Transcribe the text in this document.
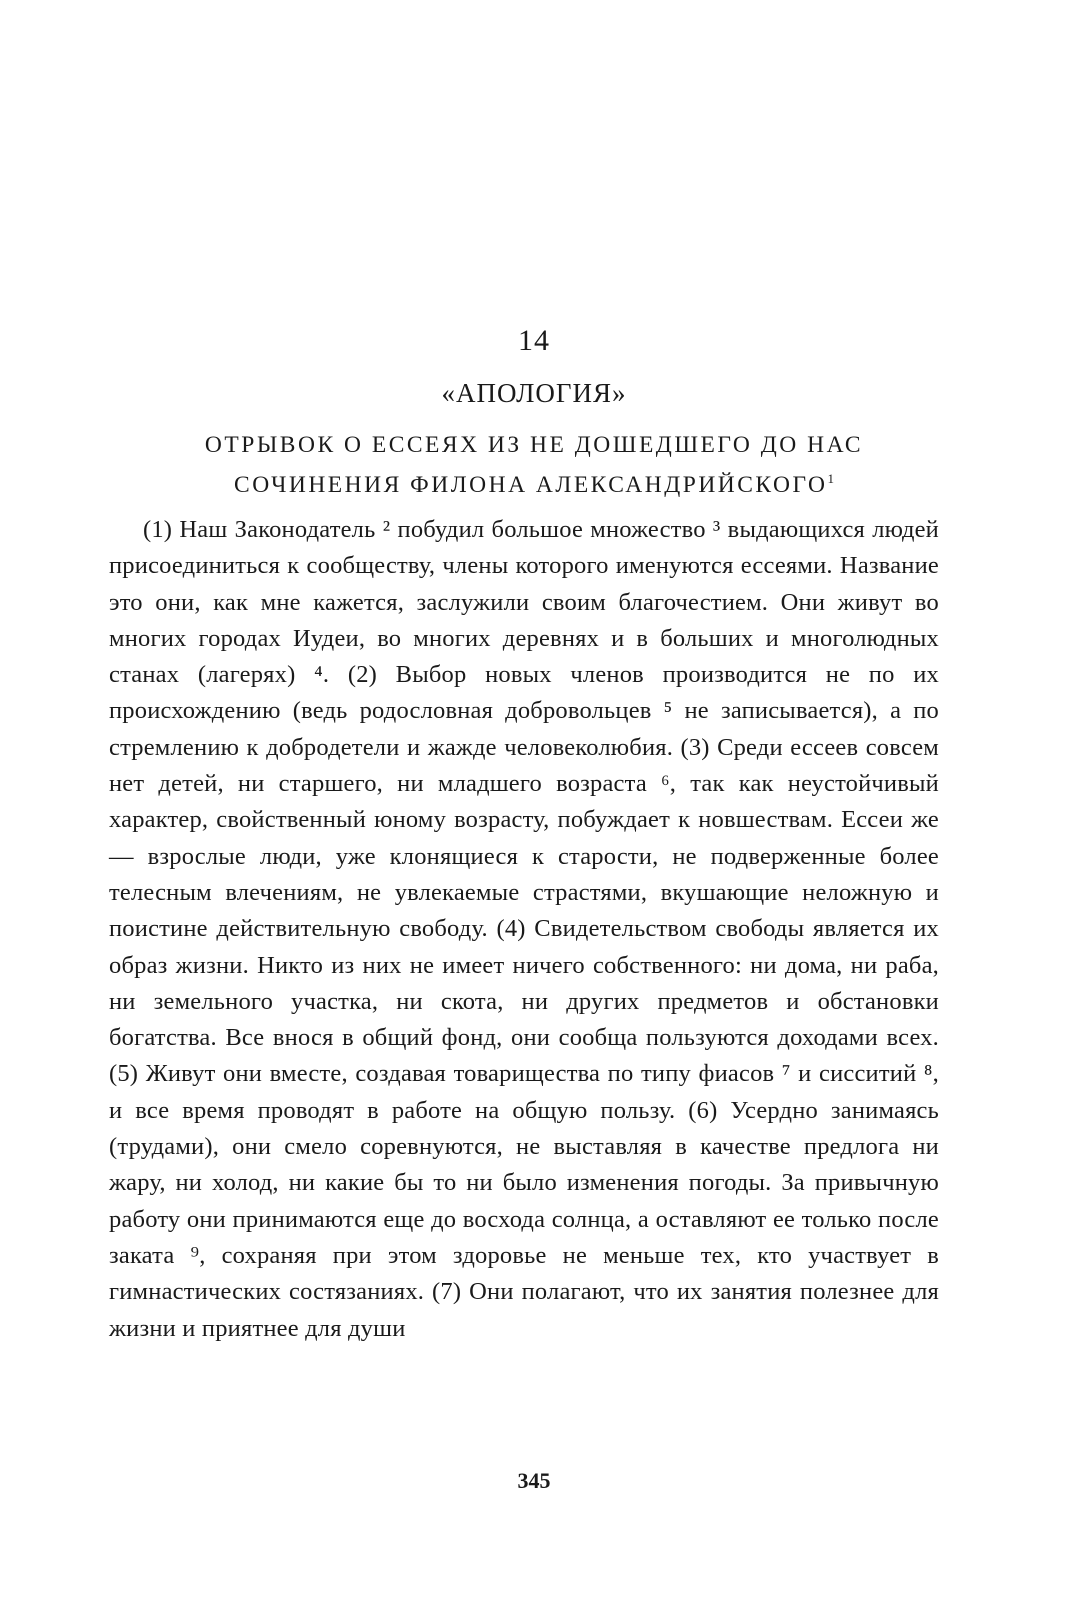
14
«АПОЛОГИЯ»
ОТРЫВОК О ЕССЕЯХ ИЗ НЕ ДОШЕДШЕГО ДО НАС
СОЧИНЕНИЯ ФИЛОНА АЛЕКСАНДРИЙСКОГО$^1$

(1) Наш Законодатель ² побудил большое множество ³ выдающихся людей присоединиться к сообществу, члены которого именуются ессеями. Название это они, как мне кажется, заслужили своим благочестием. Они живут во многих городах Иудеи, во многих деревнях и в больших и многолюдных станах (лагерях) ⁴. (2) Выбор новых членов производится не по их происхождению (ведь родословная добровольцев ⁵ не записывается), а по стремлению к добродетели и жажде человеколюбия. (3) Среди ессеев совсем нет детей, ни старшего, ни младшего возраста ⁶, так как неустойчивый характер, свойственный юному возрасту, побуждает к новшествам. Ессеи же — взрослые люди, уже клонящиеся к старости, не подверженные более телесным влечениям, не увлекаемые страстями, вкушающие неложную и поистине действительную свободу. (4) Свидетельством свободы является их образ жизни. Никто из них не имеет ничего собственного: ни дома, ни раба, ни земельного участка, ни скота, ни других предметов и обстановки богатства. Все внося в общий фонд, они сообща пользуются доходами всех. (5) Живут они вместе, создавая товарищества по типу фиасов ⁷ и сисситий ⁸, и все время проводят в работе на общую пользу. (6) Усердно занимаясь (трудами), они смело соревнуются, не выставляя в качестве предлога ни жару, ни холод, ни какие бы то ни было изменения погоды. За привычную работу они принимаются еще до восхода солнца, а оставляют ее только после заката ⁹, сохраняя при этом здоровье не меньше тех, кто участвует в гимнастических состязаниях. (7) Они полагают, что их занятия полезнее для жизни и приятнее для души

345
